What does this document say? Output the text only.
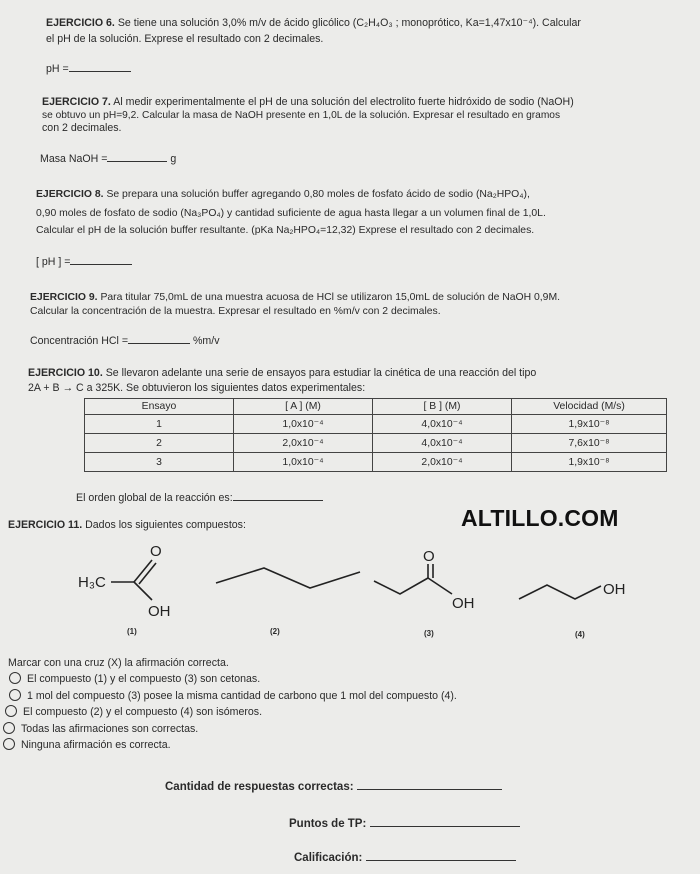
EJERCICIO 6. Se tiene una solución 3,0% m/v de ácido glicólico (C₂H₄O₃ ; monoprótico, Ka=1,47x10⁻⁴). Calcular
el pH de la solución. Exprese el resultado con 2 decimales.
pH =
EJERCICIO 7. Al medir experimentalmente el pH de una solución del electrolito fuerte hidróxido de sodio (NaOH)
se obtuvo un pH=9,2. Calcular la masa de NaOH presente en 1,0L de la solución. Expresar el resultado en gramos
con 2 decimales.
Masa NaOH =	g
EJERCICIO 8. Se prepara una solución buffer agregando 0,80 moles de fosfato ácido de sodio (Na₂HPO₄),
0,90 moles de fosfato de sodio (Na₃PO₄) y cantidad suficiente de agua hasta llegar a un volumen final de 1,0L.
Calcular el pH de la solución buffer resultante. (pKa Na₂HPO₄=12,32) Exprese el resultado con 2 decimales.
[ pH ] =
EJERCICIO 9. Para titular 75,0mL de una muestra acuosa de HCl se utilizaron 15,0mL de solución de NaOH 0,9M.
Calcular la concentración de la muestra. Expresar el resultado en %m/v con 2 decimales.
Concentración HCl =	%m/v
EJERCICIO 10. Se llevaron adelante una serie de ensayos para estudiar la cinética de una reacción del tipo
2A + B → C a 325K. Se obtuvieron los siguientes datos experimentales:
Ensayo	[ A ] (M)	[ B ] (M)	Velocidad (M/s)
1	1,0x10⁻⁴	4,0x10⁻⁴	1,9x10⁻⁸
2	2,0x10⁻⁴	4,0x10⁻⁴	7,6x10⁻⁸
3	1,0x10⁻⁴	2,0x10⁻⁴	1,9x10⁻⁸
El orden global de la reacción es:
ALTILLO.COM
EJERCICIO 11. Dados los siguientes compuestos:
H₃C
O
OH
(1)	(2)
O
OH
(3)
OH
(4)
Marcar con una cruz (X) la afirmación correcta.
El compuesto (1) y el compuesto (3) son cetonas.
1 mol del compuesto (3) posee la misma cantidad de carbono que 1 mol del compuesto (4).
El compuesto (2) y el compuesto (4) son isómeros.
Todas las afirmaciones son correctas.
Ninguna afirmación es correcta.
Cantidad de respuestas correctas:
Puntos de TP:
Calificación:
